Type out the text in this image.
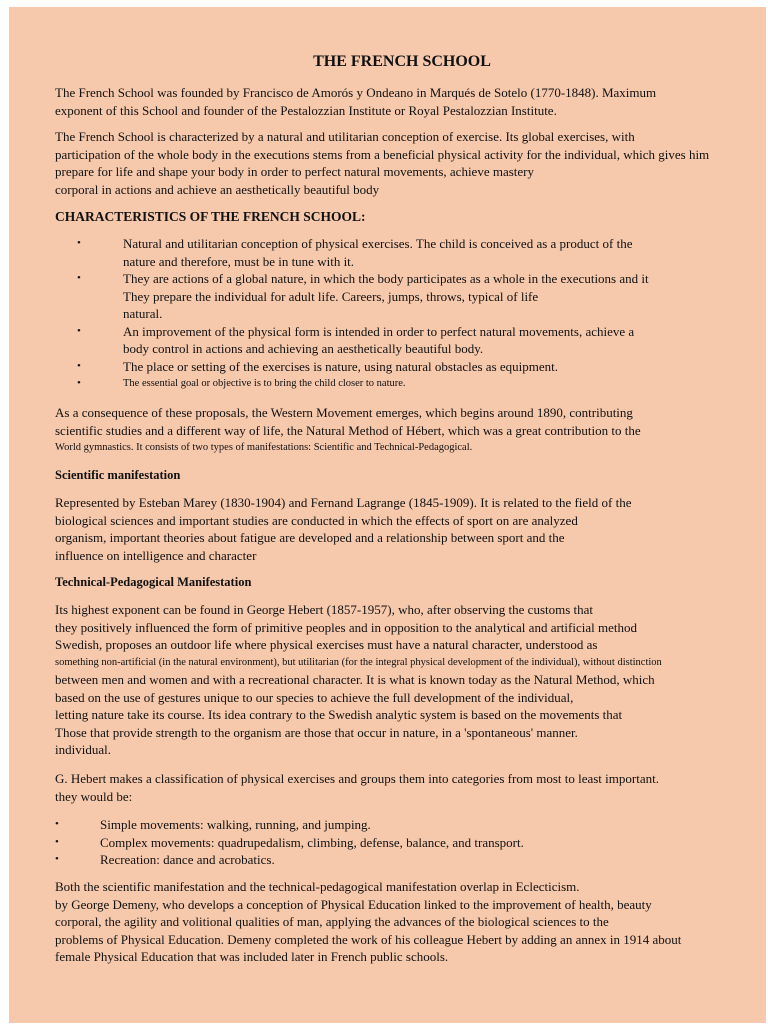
THE FRENCH SCHOOL
The French School was founded by Francisco de Amorós y Ondeano in Marqués de Sotelo (1770-1848). Maximum
exponent of this School and founder of the Pestalozzian Institute or Royal Pestalozzian Institute.
The French School is characterized by a natural and utilitarian conception of exercise. Its global exercises, with
participation of the whole body in the executions stems from a beneficial physical activity for the individual, which gives him
prepare for life and shape your body in order to perfect natural movements, achieve mastery
corporal in actions and achieve an aesthetically beautiful body
CHARACTERISTICS OF THE FRENCH SCHOOL:
•	Natural and utilitarian conception of physical exercises. The child is conceived as a product of the
nature and therefore, must be in tune with it.
•	They are actions of a global nature, in which the body participates as a whole in the executions and it
They prepare the individual for adult life. Careers, jumps, throws, typical of life
natural.
•	An improvement of the physical form is intended in order to perfect natural movements, achieve a
body control in actions and achieving an aesthetically beautiful body.
•	The place or setting of the exercises is nature, using natural obstacles as equipment.
•	The essential goal or objective is to bring the child closer to nature.
As a consequence of these proposals, the Western Movement emerges, which begins around 1890, contributing
scientific studies and a different way of life, the Natural Method of Hébert, which was a great contribution to the
World gymnastics. It consists of two types of manifestations: Scientific and Technical-Pedagogical.
Scientific manifestation
Represented by Esteban Marey (1830-1904) and Fernand Lagrange (1845-1909). It is related to the field of the
biological sciences and important studies are conducted in which the effects of sport on are analyzed
organism, important theories about fatigue are developed and a relationship between sport and the
influence on intelligence and character
Technical-Pedagogical Manifestation
Its highest exponent can be found in George Hebert (1857-1957), who, after observing the customs that
they positively influenced the form of primitive peoples and in opposition to the analytical and artificial method
Swedish, proposes an outdoor life where physical exercises must have a natural character, understood as
something non-artificial (in the natural environment), but utilitarian (for the integral physical development of the individual), without distinction
between men and women and with a recreational character. It is what is known today as the Natural Method, which
based on the use of gestures unique to our species to achieve the full development of the individual,
letting nature take its course. Its idea contrary to the Swedish analytic system is based on the movements that
Those that provide strength to the organism are those that occur in nature, in a 'spontaneous' manner.
individual.
G. Hebert makes a classification of physical exercises and groups them into categories from most to least important.
they would be:
•	Simple movements: walking, running, and jumping.
•	Complex movements: quadrupedalism, climbing, defense, balance, and transport.
•	Recreation: dance and acrobatics.
Both the scientific manifestation and the technical-pedagogical manifestation overlap in Eclecticism.
by George Demeny, who develops a conception of Physical Education linked to the improvement of health, beauty
corporal, the agility and volitional qualities of man, applying the advances of the biological sciences to the
problems of Physical Education. Demeny completed the work of his colleague Hebert by adding an annex in 1914 about
female Physical Education that was included later in French public schools.
